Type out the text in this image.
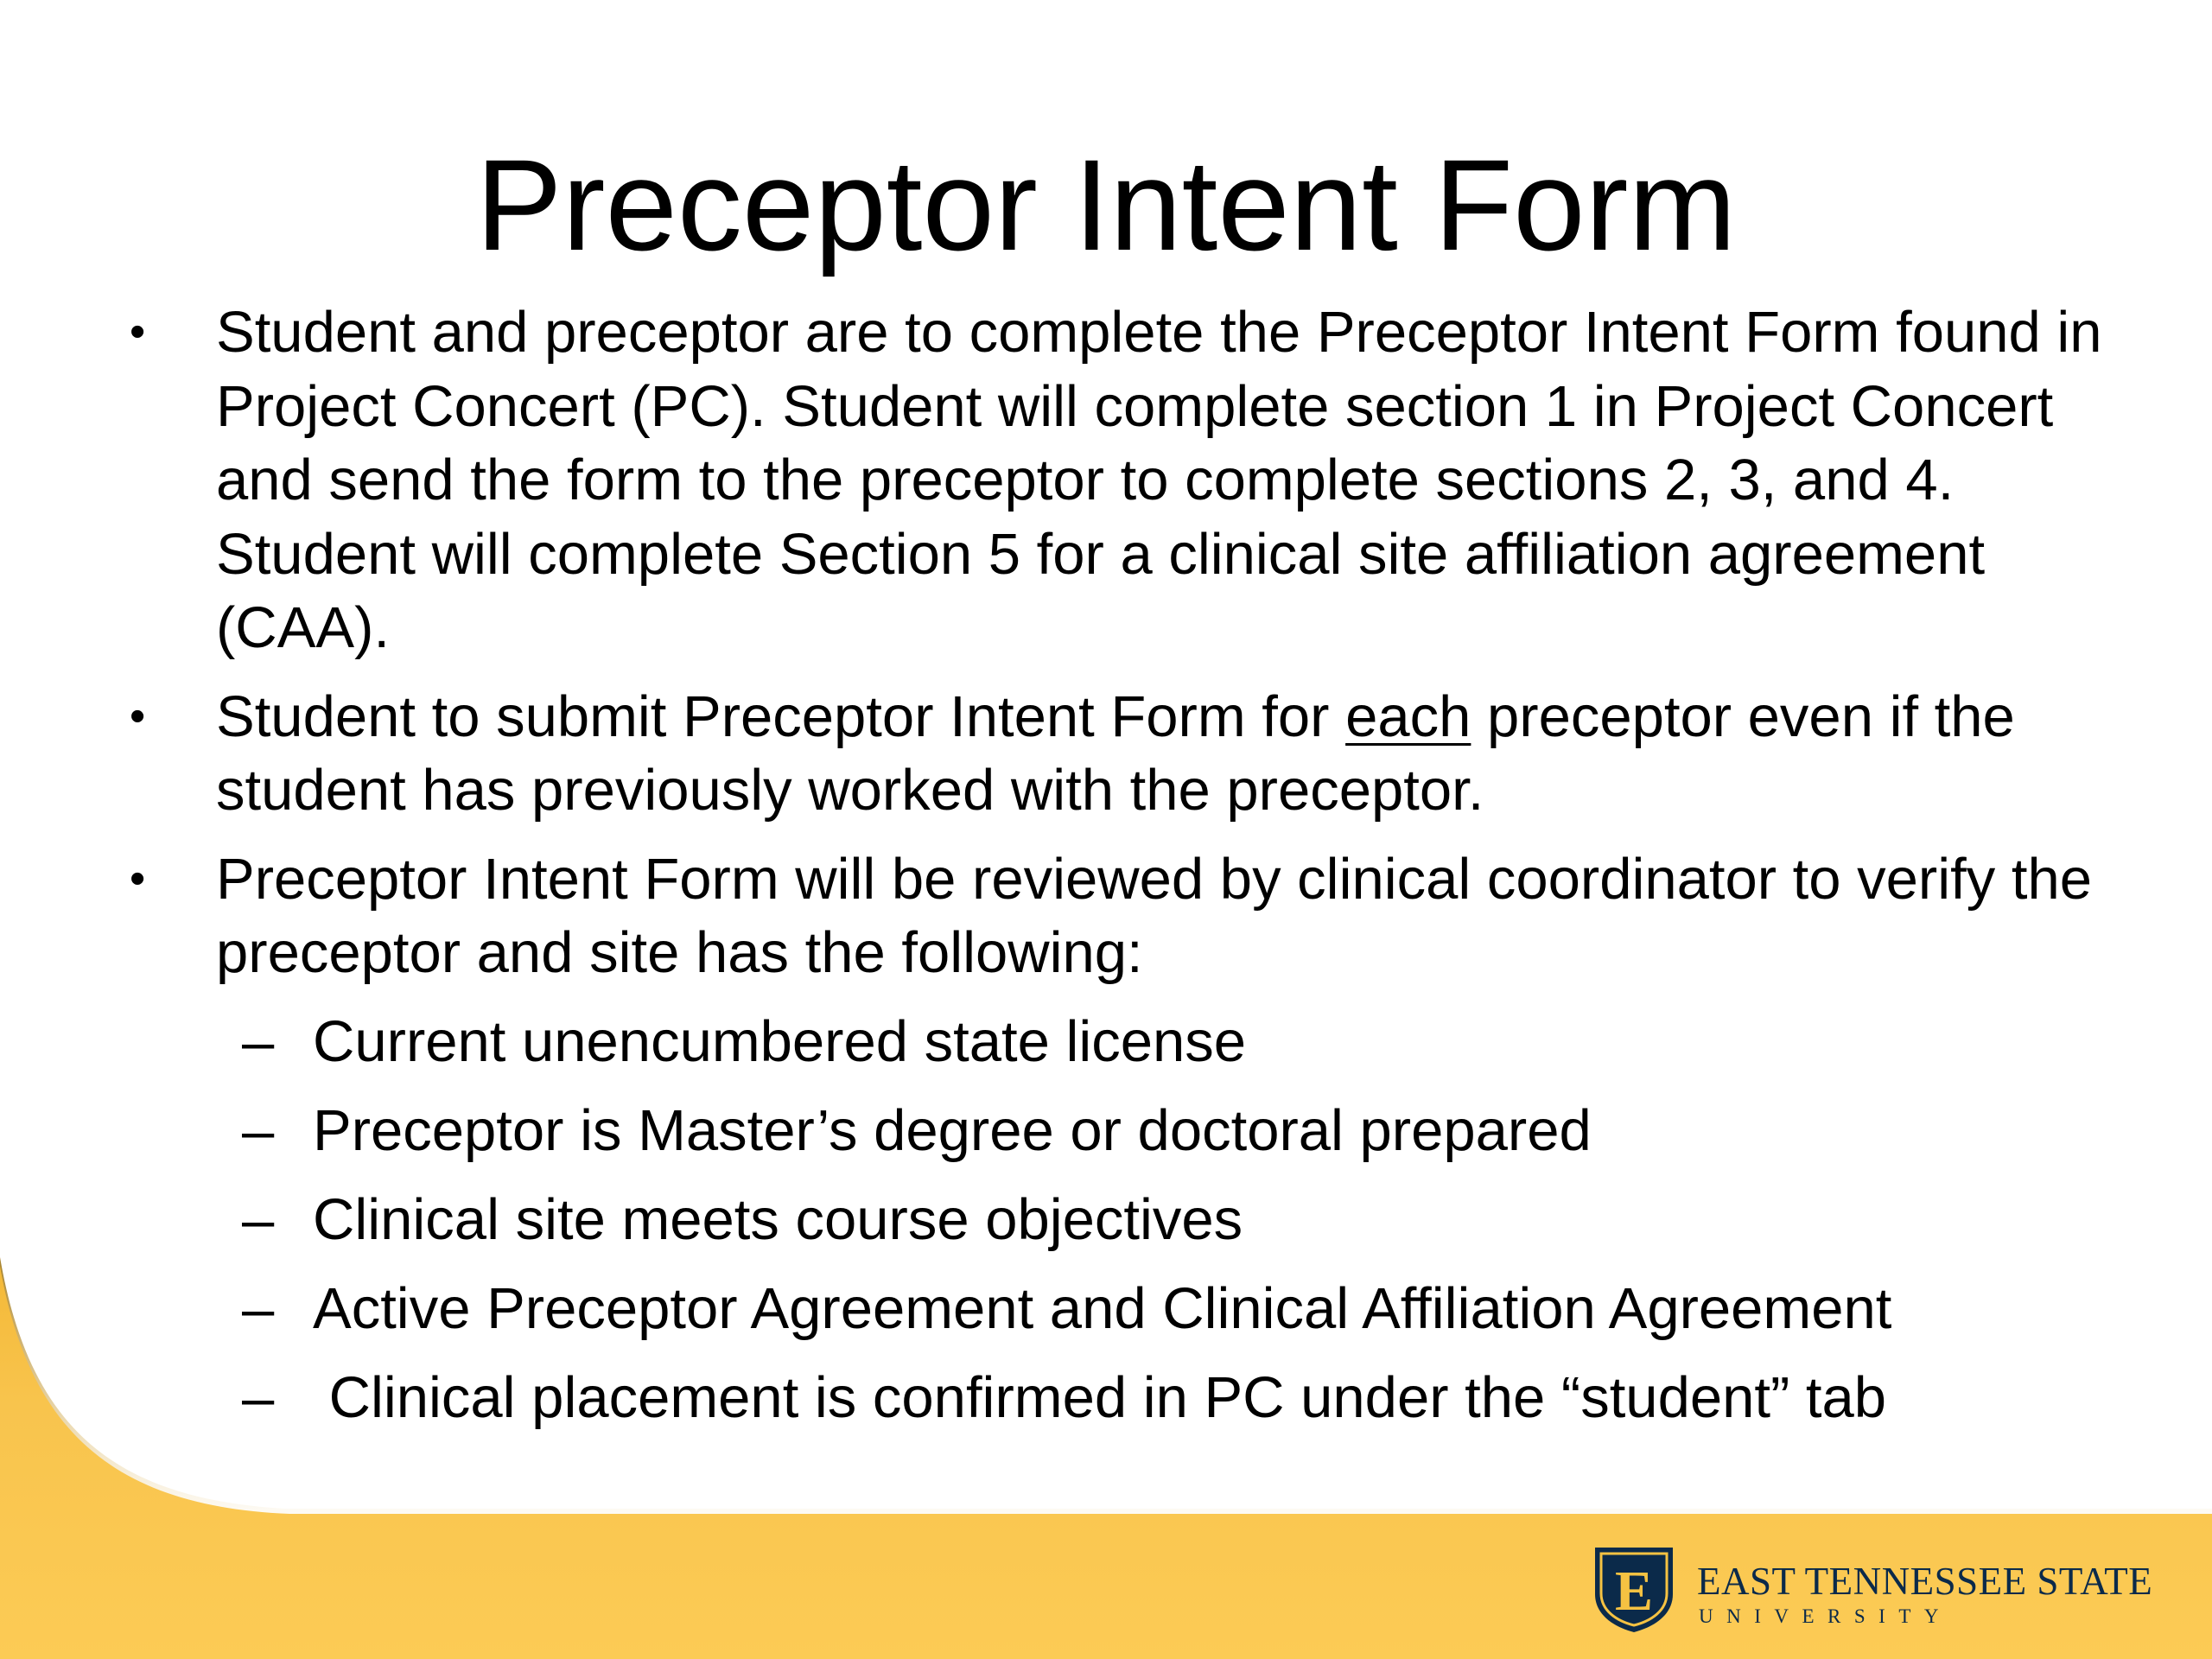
Preceptor Intent Form
• Student and preceptor are to complete the Preceptor Intent Form found in Project Concert (PC). Student will complete section 1 in Project Concert and send the form to the preceptor to complete sections 2, 3, and 4. Student will complete Section 5 for a clinical site affiliation agreement (CAA).
• Student to submit Preceptor Intent Form for each preceptor even if the student has previously worked with the preceptor.
• Preceptor Intent Form will be reviewed by clinical coordinator to verify the preceptor and site has the following:
– Current unencumbered state license
– Preceptor is Master’s degree or doctoral prepared
– Clinical site meets course objectives
– Active Preceptor Agreement and Clinical Affiliation Agreement
– Clinical placement is confirmed in PC under the “student” tab
E EAST TENNESSEE STATE
UNIVERSITY
